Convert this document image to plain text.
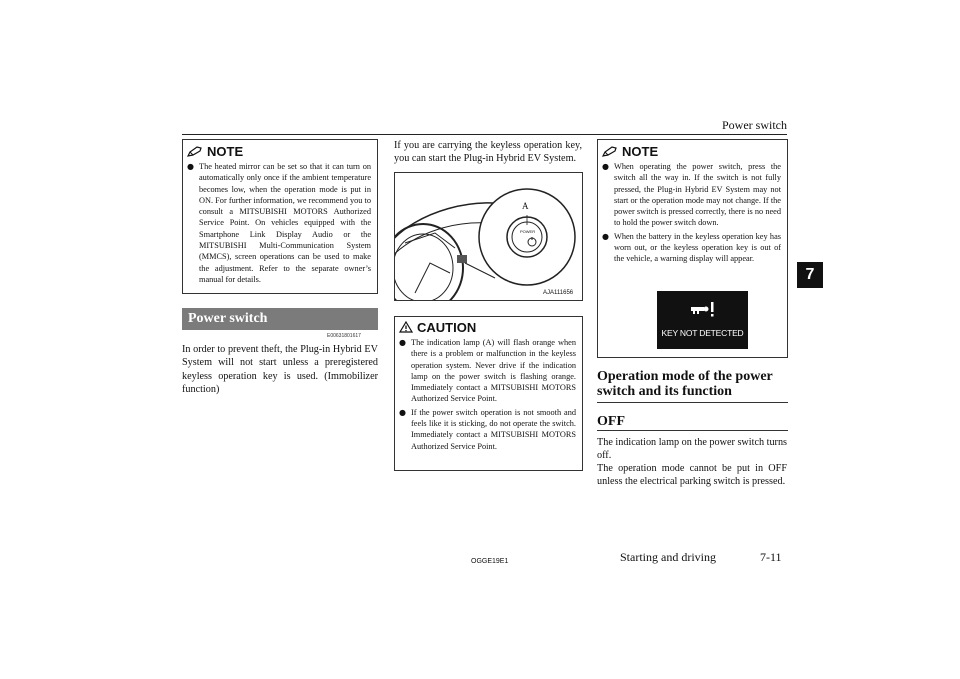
Power switch
7
NOTE
● The heated mirror can be set so that it can turn on automatically only once if the ambient temperature becomes low, when the operation mode is put in ON. For further information, we recommend you to consult a MITSUBISHI MOTORS Authorized Service Point. On vehicles equipped with the Smartphone Link Display Audio or the MITSUBISHI Multi-Communication System (MMCS), screen operations can be used to make the adjustment. Refer to the separate owner’s manual for details.
Power switch
E00631801617
In order to prevent theft, the Plug-in Hybrid EV System will not start unless a preregistered keyless operation key is used. (Immobilizer function)
If you are carrying the keyless operation key, you can start the Plug-in Hybrid EV System.
A
POWER
AJA111656
CAUTION
● The indication lamp (A) will flash orange when there is a problem or malfunction in the keyless operation system. Never drive if the indication lamp on the power switch is flashing orange. Immediately contact a MITSUBISHI MOTORS Authorized Service Point.
● If the power switch operation is not smooth and feels like it is sticking, do not operate the switch. Immediately contact a MITSUBISHI MOTORS Authorized Service Point.
NOTE
● When operating the power switch, press the switch all the way in. If the switch is not fully pressed, the Plug-in Hybrid EV System may not start or the operation mode may not change. If the power switch is pressed correctly, there is no need to hold the power switch down.
● When the battery in the keyless operation key has worn out, or the keyless operation key is out of the vehicle, a warning display will appear.
KEY NOT DETECTED
Operation mode of the power switch and its function
OFF
The indication lamp on the power switch turns off.
The operation mode cannot be put in OFF unless the electrical parking switch is pressed.
OGGE19E1	Starting and driving	7-11
